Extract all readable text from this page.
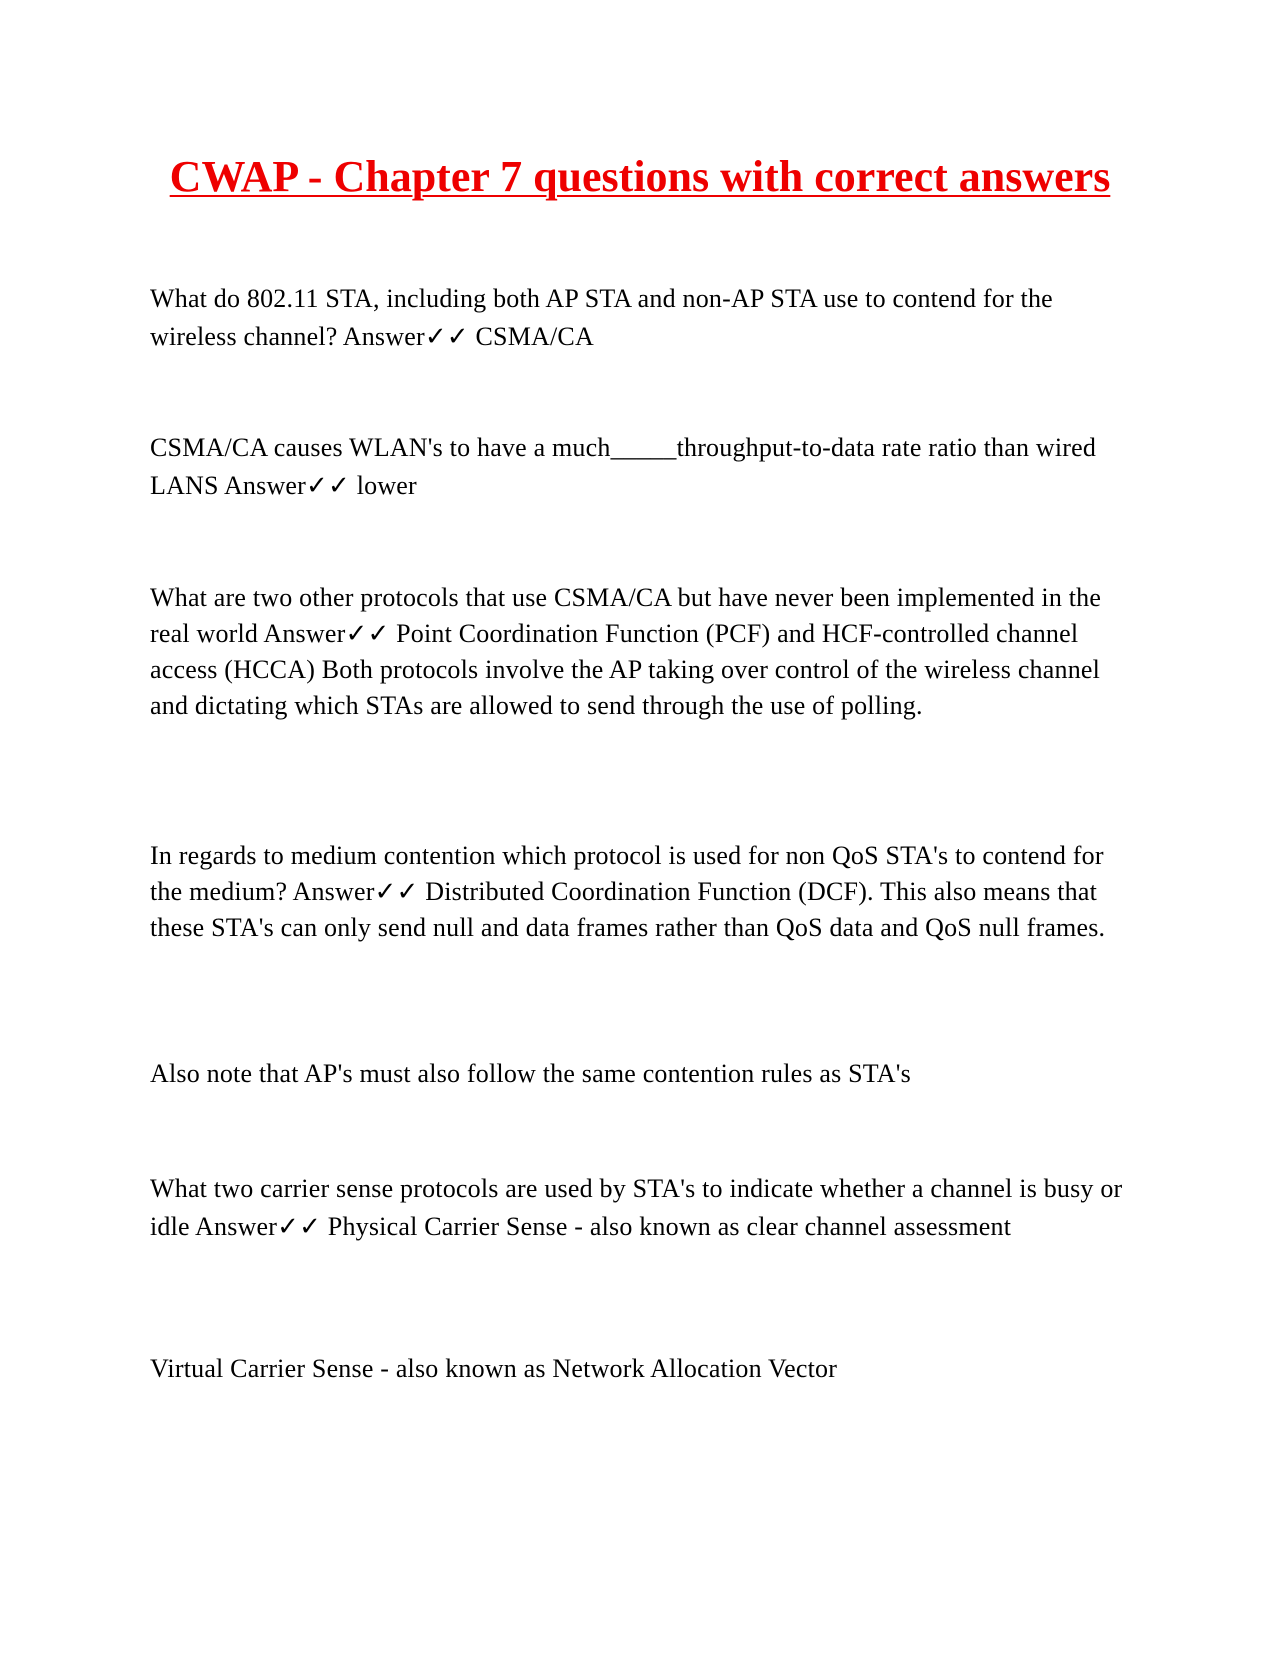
CWAP - Chapter 7 questions with correct answers

What do 802.11 STA, including both AP STA and non-AP STA use to contend for the wireless channel? Answer✓✓ CSMA/CA

CSMA/CA causes WLAN's to have a much_____throughput-to-data rate ratio than wired LANS Answer✓✓ lower

What are two other protocols that use CSMA/CA but have never been implemented in the real world Answer✓✓ Point Coordination Function (PCF) and HCF-controlled channel access (HCCA) Both protocols involve the AP taking over control of the wireless channel and dictating which STAs are allowed to send through the use of polling.

In regards to medium contention which protocol is used for non QoS STA's to contend for the medium? Answer✓✓ Distributed Coordination Function (DCF). This also means that these STA's can only send null and data frames rather than QoS data and QoS null frames.

Also note that AP's must also follow the same contention rules as STA's

What two carrier sense protocols are used by STA's to indicate whether a channel is busy or idle Answer✓✓ Physical Carrier Sense - also known as clear channel assessment

Virtual Carrier Sense - also known as Network Allocation Vector
